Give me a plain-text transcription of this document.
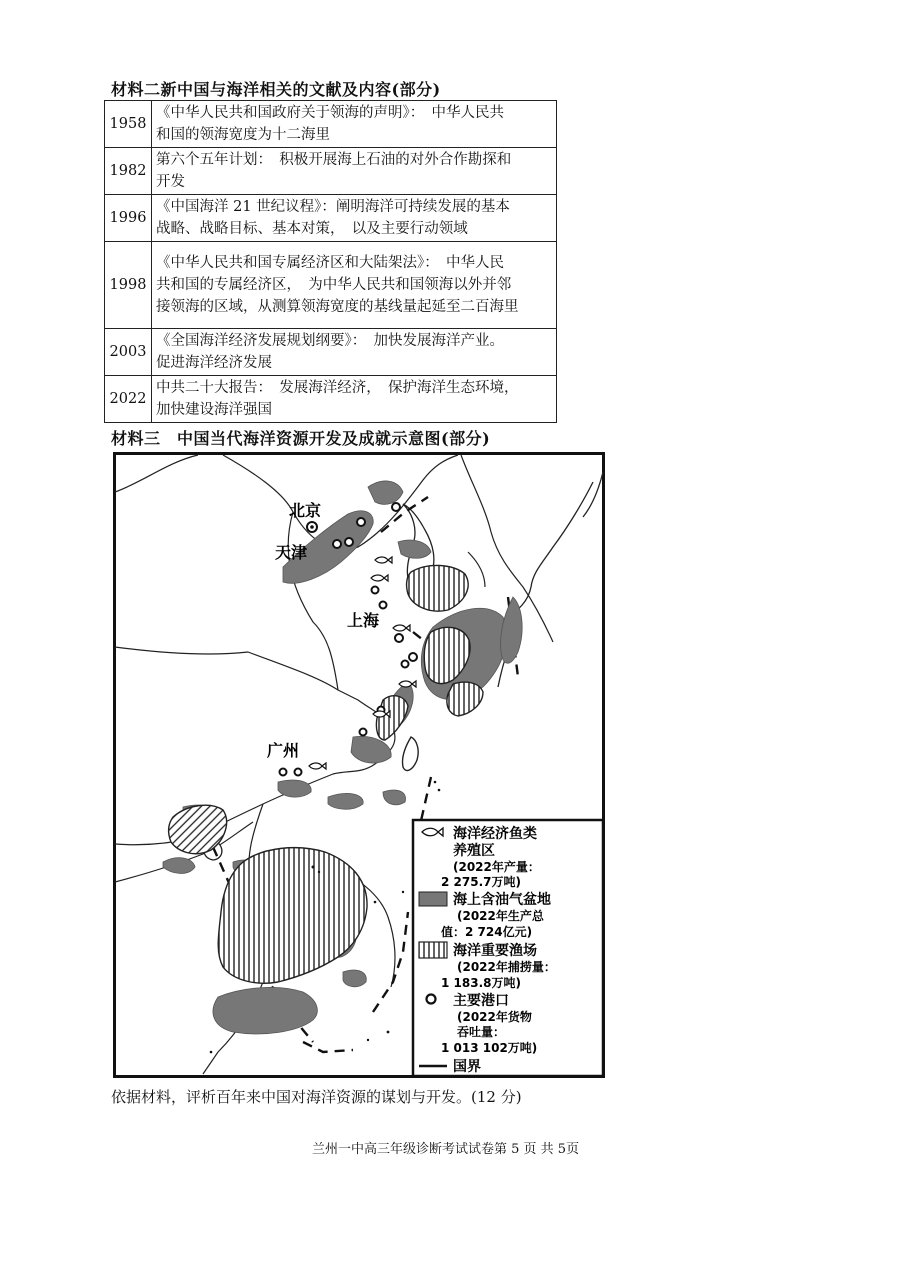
材料二新中国与海洋相关的文献及内容(部分)
1958	《中华人民共和国政府关于领海的声明》：　中华人民共
和国的领海宽度为十二海里
1982	第六个五年计划：　积极开展海上石油的对外合作勘探和
开发
1996	《中国海洋 21 世纪议程》：阐明海洋可持续发展的基本
战略、战略目标、基本对策，　以及主要行动领域
1998	《中华人民共和国专属经济区和大陆架法》：　中华人民
共和国的专属经济区，　为中华人民共和国领海以外并邻
接领海的区域，从测算领海宽度的基线量起延至二百海里
2003	《全国海洋经济发展规划纲要》：　加快发展海洋产业。
促进海洋经济发展
2022	中共二十大报告：　发展海洋经济，　保护海洋生态环境，
加快建设海洋强国
材料三　中国当代海洋资源开发及成就示意图(部分)
北京
天津
上海
广州
海洋经济鱼类
养殖区
(2022年产量：
2 275.7万吨)
海上含油气盆地
(2022年生产总
值：2 724亿元)
海洋重要渔场
(2022年捕捞量：
1 183.8万吨)
主要港口
(2022年货物
吞吐量：
1 013 102万吨)
国界
依据材料，评析百年来中国对海洋资源的谋划与开发。(12 分)
兰州一中高三年级诊断考试试卷第 5 页 共 5页
